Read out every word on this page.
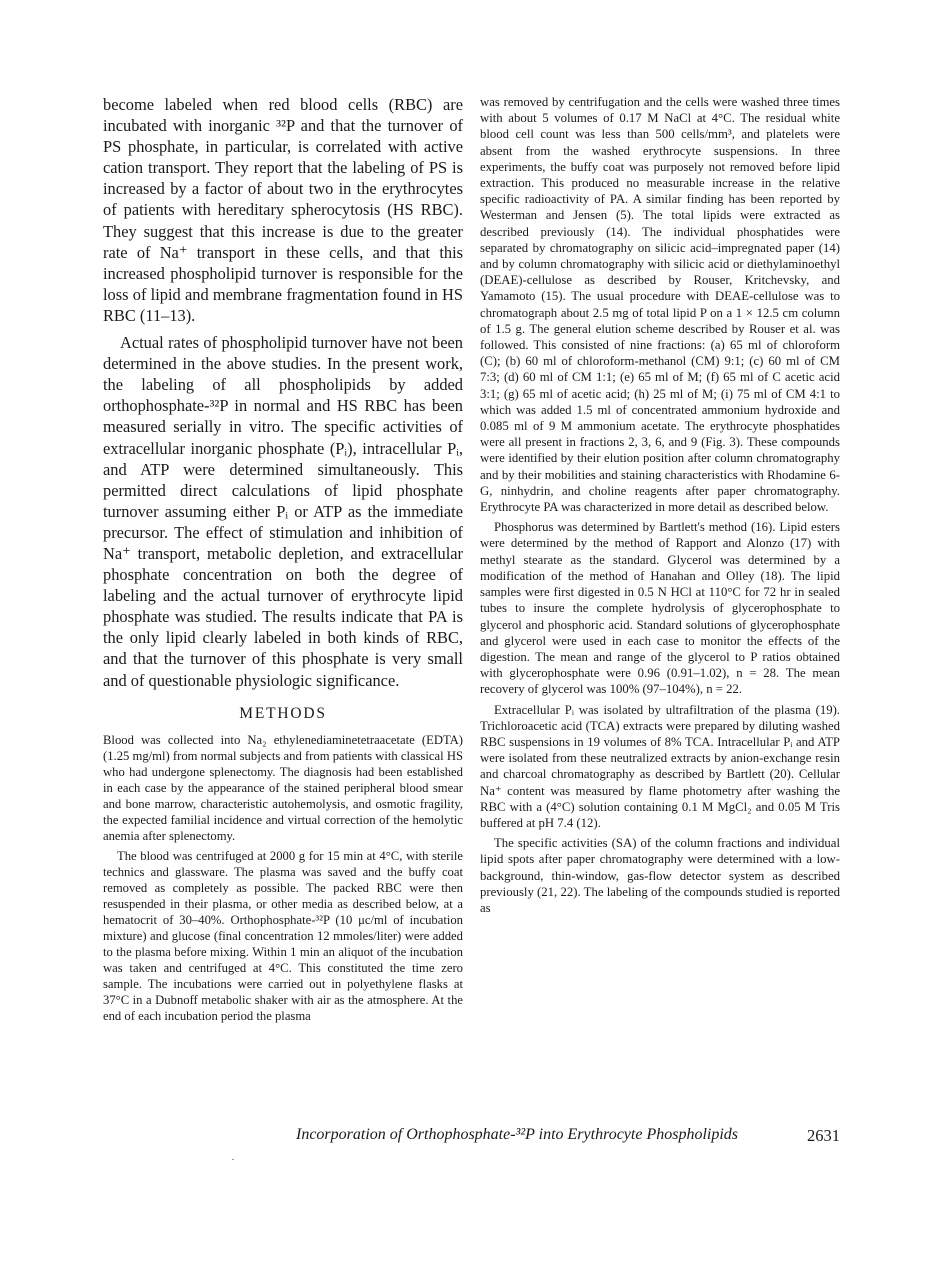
become labeled when red blood cells (RBC) are incubated with inorganic ³²P and that the turnover of PS phosphate, in particular, is correlated with active cation transport. They report that the labeling of PS is increased by a factor of about two in the erythrocytes of patients with hereditary spherocytosis (HS RBC). They suggest that this increase is due to the greater rate of Na⁺ transport in these cells, and that this increased phospholipid turnover is responsible for the loss of lipid and membrane fragmentation found in HS RBC (11–13).

Actual rates of phospholipid turnover have not been determined in the above studies. In the present work, the labeling of all phospholipids by added orthophosphate-³²P in normal and HS RBC has been measured serially in vitro. The specific activities of extracellular inorganic phosphate (Pᵢ), intracellular Pᵢ, and ATP were determined simultaneously. This permitted direct calculations of lipid phosphate turnover assuming either Pᵢ or ATP as the immediate precursor. The effect of stimulation and inhibition of Na⁺ transport, metabolic depletion, and extracellular phosphate concentration on both the degree of labeling and the actual turnover of erythrocyte lipid phosphate was studied. The results indicate that PA is the only lipid clearly labeled in both kinds of RBC, and that the turnover of this phosphate is very small and of questionable physiologic significance.

METHODS

Blood was collected into Na₂ ethylenediaminetetraacetate (EDTA) (1.25 mg/ml) from normal subjects and from patients with classical HS who had undergone splenectomy. The diagnosis had been established in each case by the appearance of the stained peripheral blood smear and bone marrow, characteristic autohemolysis, and osmotic fragility, the expected familial incidence and virtual correction of the hemolytic anemia after splenectomy.

The blood was centrifuged at 2000 g for 15 min at 4°C, with sterile technics and glassware. The plasma was saved and the buffy coat removed as completely as possible. The packed RBC were then resuspended in their plasma, or other media as described below, at a hematocrit of 30–40%. Orthophosphate-³²P (10 μc/ml of incubation mixture) and glucose (final concentration 12 mmoles/liter) were added to the plasma before mixing. Within 1 min an aliquot of the incubation was taken and centrifuged at 4°C. This constituted the time zero sample. The incubations were carried out in polyethylene flasks at 37°C in a Dubnoff metabolic shaker with air as the atmosphere. At the end of each incubation period the plasma

was removed by centrifugation and the cells were washed three times with about 5 volumes of 0.17 M NaCl at 4°C. The residual white blood cell count was less than 500 cells/mm³, and platelets were absent from the washed erythrocyte suspensions. In three experiments, the buffy coat was purposely not removed before lipid extraction. This produced no measurable increase in the relative specific radioactivity of PA. A similar finding has been reported by Westerman and Jensen (5). The total lipids were extracted as described previously (14). The individual phosphatides were separated by chromatography on silicic acid–impregnated paper (14) and by column chromatography with silicic acid or diethylaminoethyl (DEAE)-cellulose as described by Rouser, Kritchevsky, and Yamamoto (15). The usual procedure with DEAE-cellulose was to chromatograph about 2.5 mg of total lipid P on a 1 × 12.5 cm column of 1.5 g. The general elution scheme described by Rouser et al. was followed. This consisted of nine fractions: (a) 65 ml of chloroform (C); (b) 60 ml of chloroform-methanol (CM) 9:1; (c) 60 ml of CM 7:3; (d) 60 ml of CM 1:1; (e) 65 ml of M; (f) 65 ml of C acetic acid 3:1; (g) 65 ml of acetic acid; (h) 25 ml of M; (i) 75 ml of CM 4:1 to which was added 1.5 ml of concentrated ammonium hydroxide and 0.085 ml of 9 M ammonium acetate. The erythrocyte phosphatides were all present in fractions 2, 3, 6, and 9 (Fig. 3). These compounds were identified by their elution position after column chromatography and by their mobilities and staining characteristics with Rhodamine 6-G, ninhydrin, and choline reagents after paper chromatography. Erythrocyte PA was characterized in more detail as described below.

Phosphorus was determined by Bartlett's method (16). Lipid esters were determined by the method of Rapport and Alonzo (17) with methyl stearate as the standard. Glycerol was determined by a modification of the method of Hanahan and Olley (18). The lipid samples were first digested in 0.5 N HCl at 110°C for 72 hr in sealed tubes to insure the complete hydrolysis of glycerophosphate to glycerol and phosphoric acid. Standard solutions of glycerophosphate and glycerol were used in each case to monitor the effects of the digestion. The mean and range of the glycerol to P ratios obtained with glycerophosphate were 0.96 (0.91–1.02), n = 28. The mean recovery of glycerol was 100% (97–104%), n = 22.

Extracellular Pᵢ was isolated by ultrafiltration of the plasma (19). Trichloroacetic acid (TCA) extracts were prepared by diluting washed RBC suspensions in 19 volumes of 8% TCA. Intracellular Pᵢ and ATP were isolated from these neutralized extracts by anion-exchange resin and charcoal chromatography as described by Bartlett (20). Cellular Na⁺ content was measured by flame photometry after washing the RBC with a (4°C) solution containing 0.1 M MgCl₂ and 0.05 M Tris buffered at pH 7.4 (12).

The specific activities (SA) of the column fractions and individual lipid spots after paper chromatography were determined with a low-background, thin-window, gas-flow detector system as described previously (21, 22). The labeling of the compounds studied is reported as

Incorporation of Orthophosphate-³²P into Erythrocyte Phospholipids	2631
